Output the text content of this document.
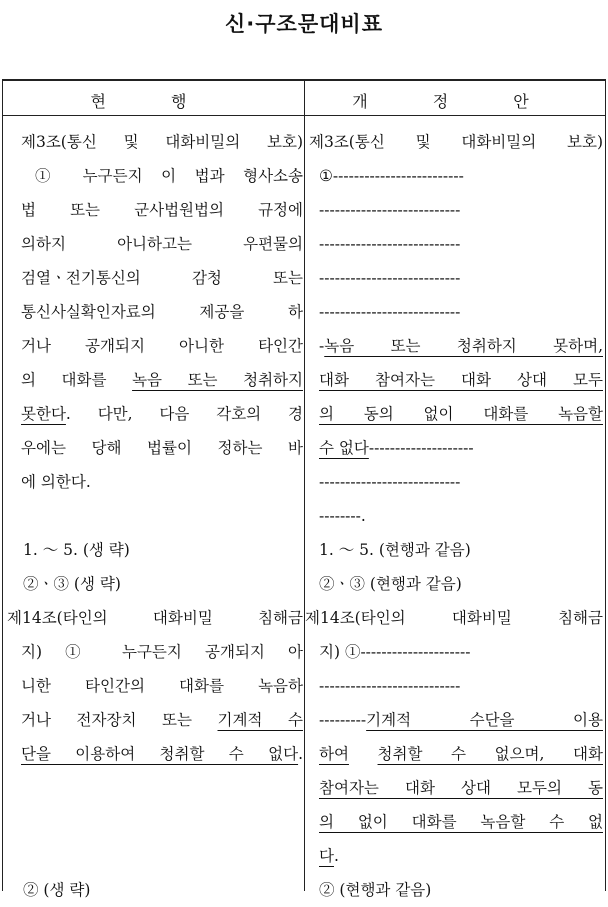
신·구조문대비표
현 행	개 정 안
제3조(통신 및 대화비밀의 보호)
① 누구든지 이 법과 형사소송
법 또는 군사법원법의 규정에
의하지 아니하고는 우편물의
검열ㆍ전기통신의 감청 또는
통신사실확인자료의 제공을 하
거나 공개되지 아니한 타인간
의 대화를 녹음 또는 청취하지
못한다. 다만, 다음 각호의 경
우에는 당해 법률이 정하는 바
에 의한다.
1. ～ 5. (생 략)
②ㆍ③ (생 략)
제14조(타인의 대화비밀 침해금
지) ① 누구든지 공개되지 아
니한 타인간의 대화를 녹음하
거나 전자장치 또는 기계적 수
단을 이용하여 청취할 수 없다.
② (생 략)
제3조(통신 및 대화비밀의 보호)
①-------------------------
---------------------------
---------------------------
---------------------------
---------------------------
-녹음 또는 청취하지 못하며,
대화 참여자는 대화 상대 모두
의 동의 없이 대화를 녹음할
수 없다--------------------
---------------------------
--------.
1. ～ 5. (현행과 같음)
②ㆍ③ (현행과 같음)
제14조(타인의 대화비밀 침해금
지) ①---------------------
---------------------------
---------기계적 수단을 이용
하여 청취할 수 없으며, 대화
참여자는 대화 상대 모두의 동
의 없이 대화를 녹음할 수 없
다.
② (현행과 같음)
